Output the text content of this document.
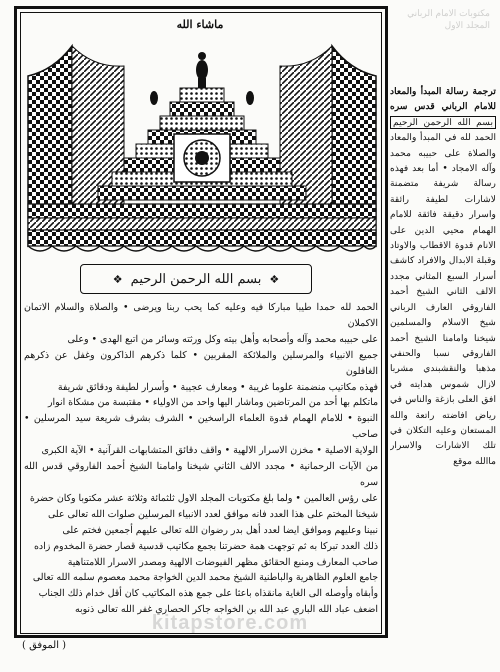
مكتوبات الامام الرباني
المجلد الاول
ماشاء الله
❖
بسم الله الرحمن الرحيم
❖

الحمد لله حمدا طيبا مباركا فيه وعليه كما يحب ربنا ويرضى • والصلاة والسلام الاتمان الاكملان

على حبيبه محمد وآله وأصحابه وأهل بيته وكل ورثته وسائر من اتبع الهدى • وعلى

جميع الانبياء والمرسلين والملائكة المقربين • كلما ذكرهم الذاكرون وغفل عن ذكرهم الغافلون

فهذه مكاتيب منضمنة علوما غريبة • ومعارف عجيبة • وأسرار لطيفة ودقائق شريفة

ماتكلم بها أحد من المرتاضين وماشار اليها واحد من الاولياء • مقتبسة من مشكاة انوار

النبوة • للامام الهمام قدوة العلماء الراسخين • الشرف بشرف شريعة سيد المرسلين • صاحب

الولاية الاصلية • مخزن الاسرار الالهية • واقف دقائق المتشابهات القرآنية • الآية الكبرى

من الآيات الرحمانية • مجدد الالف الثاني شيخنا وامامنا الشيخ أحمد الفاروقي قدس الله سره

على رؤس العالمين • ولما بلغ مكتوبات المجلد الاول ثلثمائة وثلاثة عشر مكتوبا وكان حضرة

شيخنا المختم على هذا العدد فانه موافق لعدد الانبياء المرسلين صلوات الله تعالى على

نبينا وعليهم وموافق ايضا لعدد أهل بدر رضوان الله تعالى عليهم أجمعين فختم على

ذلك العدد تبركا به ثم توجهت همة حضرتنا بجمع مكاتيب قدسية قصار حضرة المخدوم زاده

صاحب المعارف ومنبع الحقائق مظهر الفيوضات الالهية ومصدر الاسرار اللامتناهية

جامع العلوم الظاهرية والباطنية الشيخ محمد الدين الخواجة محمد معصوم سلمه الله تعالى

وأبقاه وأوصله الى الغاية مانقذاه باعثا على جمع هذه المكاتيب كان أقل خدام ذلك الجناب

اضعف عباد الله الباري عبد الله بن الخواجه جاكر الحصاري غفر الله تعالى ذنوبه

kitapstore.com
ترجمة رسالة المبدأ والمعاد للامام الرباني قدس سره بسم الله الرحمن الرحيم الحمد لله في المبدأ والمعاد والصلاة على حبيبه محمد وآله الامجاد • أما بعد فهذه رسالة شريفة متضمنة لاشارات لطيفة رائقة واسرار دقيقة فائقة للامام الهمام محيي الدين على الانام قدوة الاقطاب والاوتاد وقبلة الابدال والافراد كاشف أسرار السبع المثاني مجدد الالف الثاني الشيخ أحمد الفاروقي العارف الرباني شيخ الاسلام والمسلمين شيخنا وامامنا الشيخ أحمد الفاروقي نسبا والحنفي مذهبا والنقشبندي مشربا لازال شموس هدايته في افق العلى بازغة والناس في رياض افاضته راتعة والله المستعان وعليه التكلان في تلك الاشارات والاسرار ماالله موقع
( الموفق )
